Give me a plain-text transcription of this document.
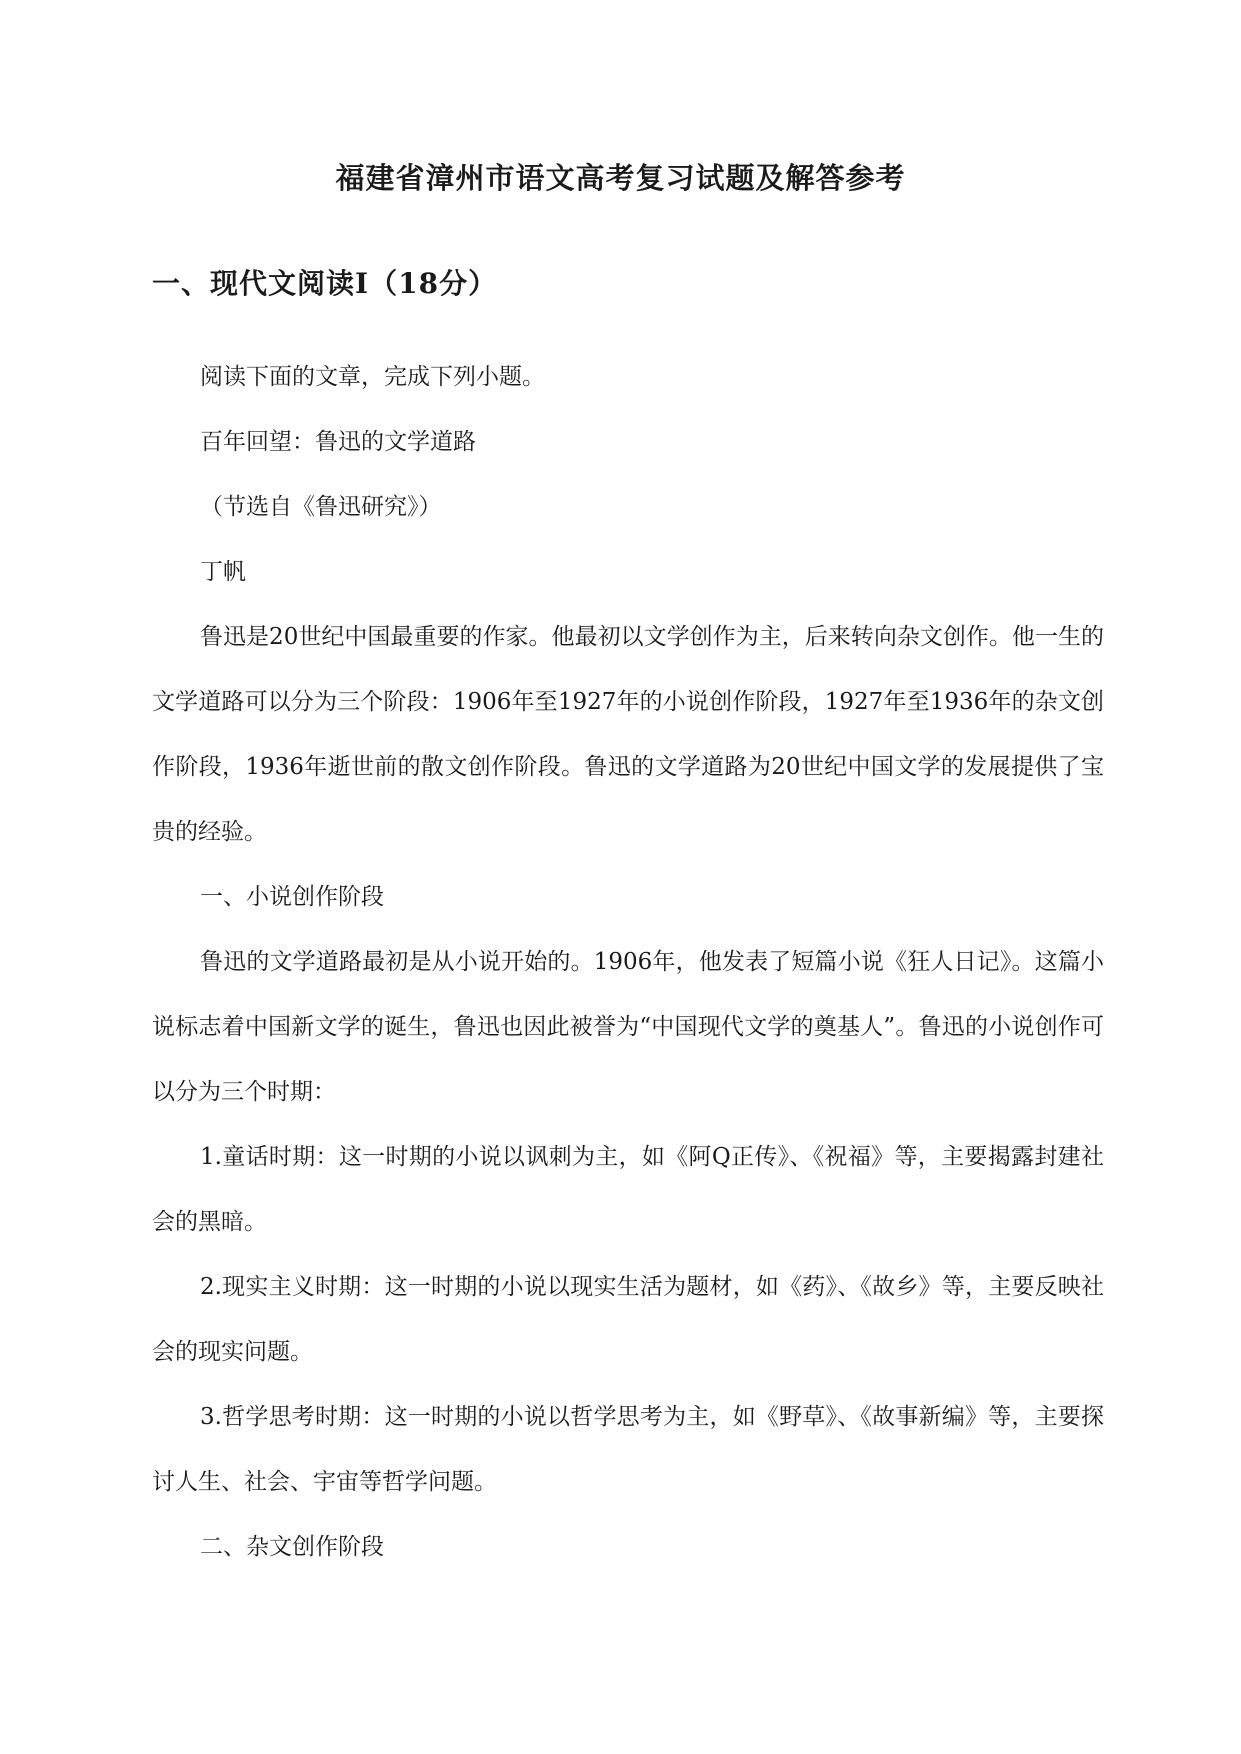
福建省漳州市语文高考复习试题及解答参考
一、现代文阅读Ⅰ（18分）

阅读下面的文章，完成下列小题。

百年回望：鲁迅的文学道路

（节选自《鲁迅研究》）

丁帆

鲁迅是20世纪中国最重要的作家。他最初以文学创作为主，后来转向杂文创作。他一生的文学道路可以分为三个阶段：1906年至1927年的小说创作阶段，1927年至1936年的杂文创作阶段，1936年逝世前的散文创作阶段。鲁迅的文学道路为20世纪中国文学的发展提供了宝贵的经验。

一、小说创作阶段

鲁迅的文学道路最初是从小说开始的。1906年，他发表了短篇小说《狂人日记》。这篇小说标志着中国新文学的诞生，鲁迅也因此被誉为“中国现代文学的奠基人”。鲁迅的小说创作可以分为三个时期：

1.童话时期：这一时期的小说以讽刺为主，如《阿Q正传》、《祝福》等，主要揭露封建社会的黑暗。

2.现实主义时期：这一时期的小说以现实生活为题材，如《药》、《故乡》等，主要反映社会的现实问题。

3.哲学思考时期：这一时期的小说以哲学思考为主，如《野草》、《故事新编》等，主要探讨人生、社会、宇宙等哲学问题。

二、杂文创作阶段
